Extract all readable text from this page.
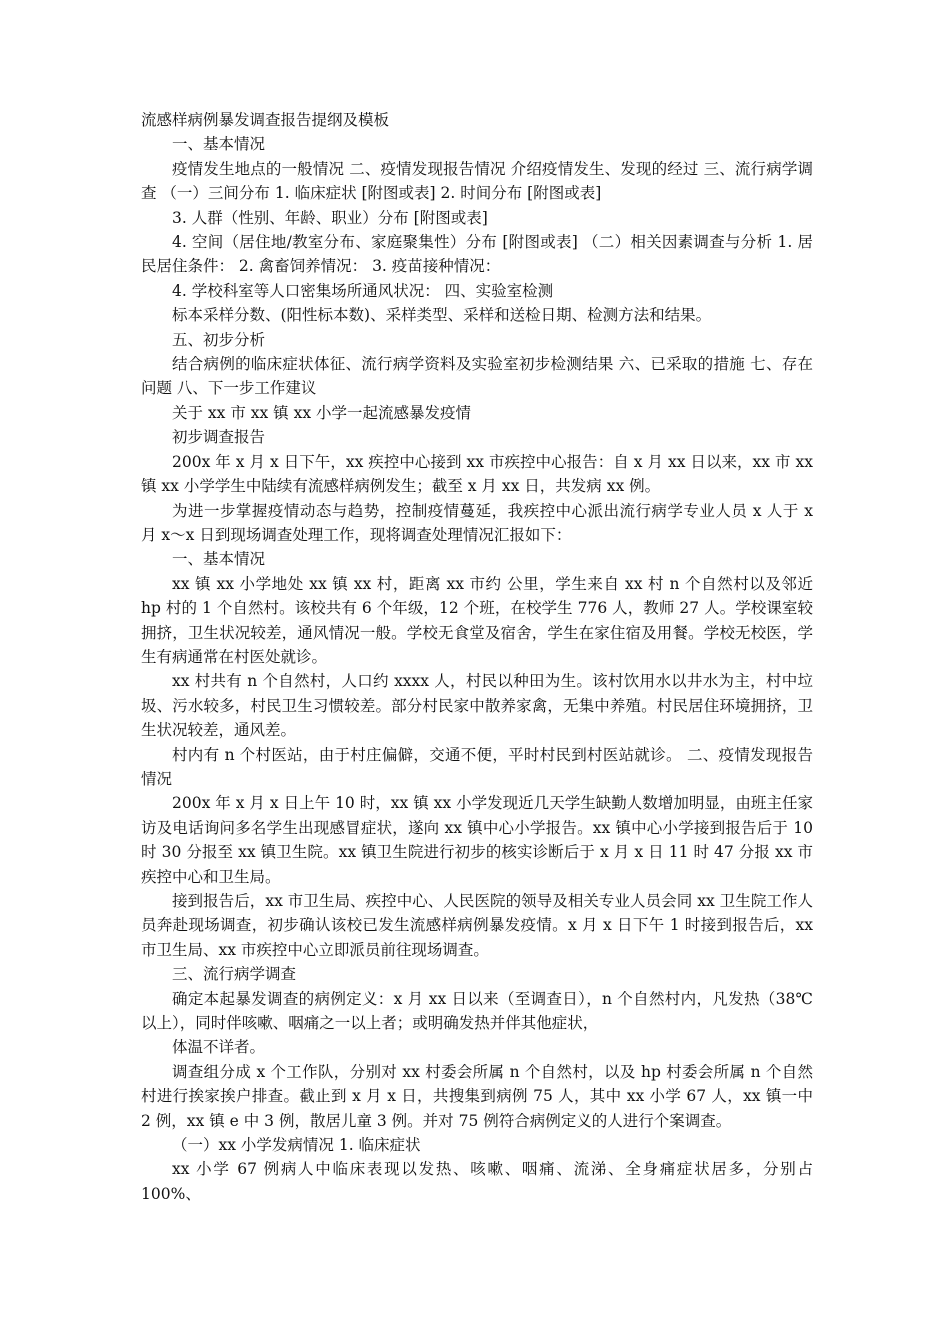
流感样病例暴发调查报告提纲及模板

一、基本情况

疫情发生地点的一般情况 二、疫情发现报告情况 介绍疫情发生、发现的经过 三、流行病学调查 （一）三间分布 1. 临床症状 [附图或表] 2. 时间分布 [附图或表]

3. 人群（性别、年龄、职业）分布 [附图或表]

4. 空间（居住地/教室分布、家庭聚集性）分布 [附图或表] （二）相关因素调查与分析 1. 居民居住条件： 2. 禽畜饲养情况： 3. 疫苗接种情况：

4. 学校科室等人口密集场所通风状况： 四、实验室检测

标本采样分数、(阳性标本数)、采样类型、采样和送检日期、检测方法和结果。

五、初步分析

结合病例的临床症状体征、流行病学资料及实验室初步检测结果 六、已采取的措施 七、存在问题 八、下一步工作建议

关于 xx 市 xx 镇 xx 小学一起流感暴发疫情

初步调查报告

200x 年 x 月 x 日下午，xx 疾控中心接到 xx 市疾控中心报告：自 x 月 xx 日以来，xx 市 xx 镇 xx 小学学生中陆续有流感样病例发生；截至 x 月 xx 日，共发病 xx 例。

为进一步掌握疫情动态与趋势，控制疫情蔓延，我疾控中心派出流行病学专业人员 x 人于 x 月 x～x 日到现场调查处理工作，现将调查处理情况汇报如下：

一、基本情况

xx 镇 xx 小学地处 xx 镇 xx 村，距离 xx 市约 公里，学生来自 xx 村 n 个自然村以及邻近 hp 村的 1 个自然村。该校共有 6 个年级，12 个班，在校学生 776 人，教师 27 人。学校课室较拥挤，卫生状况较差，通风情况一般。学校无食堂及宿舍，学生在家住宿及用餐。学校无校医，学生有病通常在村医处就诊。

xx 村共有 n 个自然村，人口约 xxxx 人，村民以种田为生。该村饮用水以井水为主，村中垃圾、污水较多，村民卫生习惯较差。部分村民家中散养家禽，无集中养殖。村民居住环境拥挤，卫生状况较差，通风差。

村内有 n 个村医站，由于村庄偏僻，交通不便，平时村民到村医站就诊。 二、疫情发现报告情况

200x 年 x 月 x 日上午 10 时，xx 镇 xx 小学发现近几天学生缺勤人数增加明显，由班主任家访及电话询问多名学生出现感冒症状，遂向 xx 镇中心小学报告。xx 镇中心小学接到报告后于 10 时 30 分报至 xx 镇卫生院。xx 镇卫生院进行初步的核实诊断后于 x 月 x 日 11 时 47 分报 xx 市疾控中心和卫生局。

接到报告后，xx 市卫生局、疾控中心、人民医院的领导及相关专业人员会同 xx 卫生院工作人员奔赴现场调查，初步确认该校已发生流感样病例暴发疫情。x 月 x 日下午 1 时接到报告后，xx 市卫生局、xx 市疾控中心立即派员前往现场调查。

三、流行病学调查

确定本起暴发调查的病例定义：x 月 xx 日以来（至调查日），n 个自然村内，凡发热（38℃以上），同时伴咳嗽、咽痛之一以上者；或明确发热并伴其他症状，

体温不详者。

调查组分成 x 个工作队，分别对 xx 村委会所属 n 个自然村，以及 hp 村委会所属 n 个自然村进行挨家挨户排查。截止到 x 月 x 日，共搜集到病例 75 人，其中 xx 小学 67 人，xx 镇一中 2 例，xx 镇 e 中 3 例，散居儿童 3 例。并对 75 例符合病例定义的人进行个案调查。

（一）xx 小学发病情况 1. 临床症状

xx 小学 67 例病人中临床表现以发热、咳嗽、咽痛、流涕、全身痛症状居多，分别占 100%、
